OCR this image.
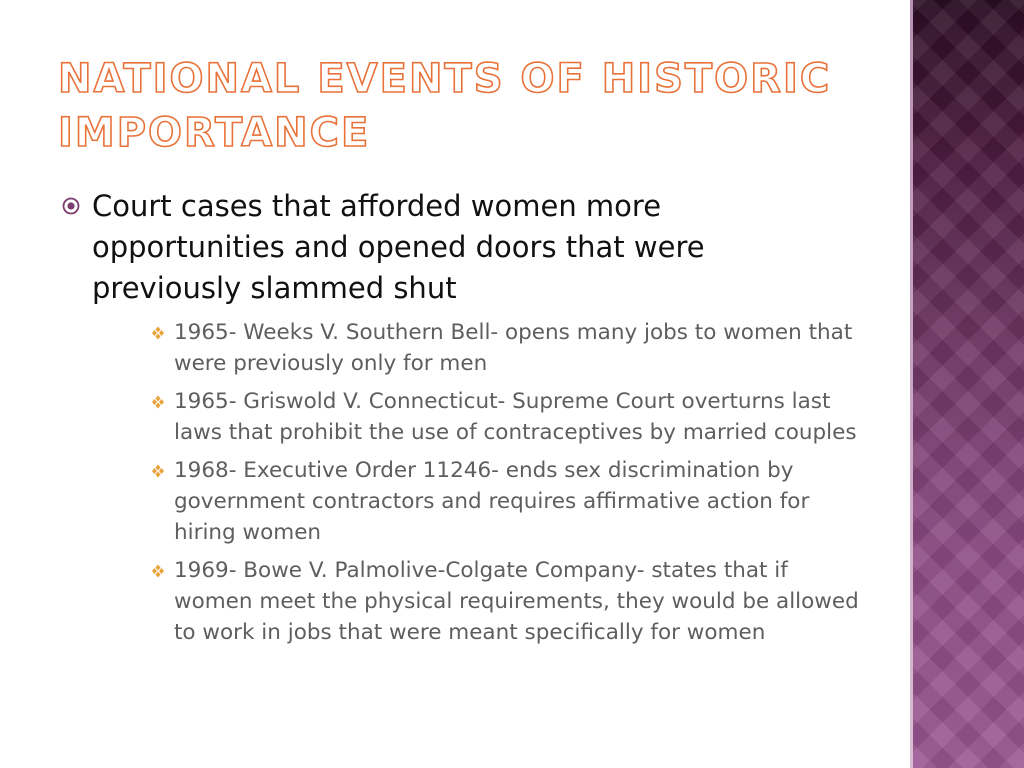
NATIONAL EVENTS OF HISTORIC IMPORTANCE
Court cases that afforded women more opportunities and opened doors that were previously slammed shut
1965- Weeks V. Southern Bell- opens many jobs to women that were previously only for men
1965- Griswold V. Connecticut- Supreme Court overturns last laws that prohibit the use of contraceptives by married couples
1968- Executive Order 11246- ends sex discrimination by government contractors and requires affirmative action for hiring women
1969- Bowe V. Palmolive-Colgate Company- states that if women meet the physical requirements, they would be allowed to work in jobs that were meant specifically for women
